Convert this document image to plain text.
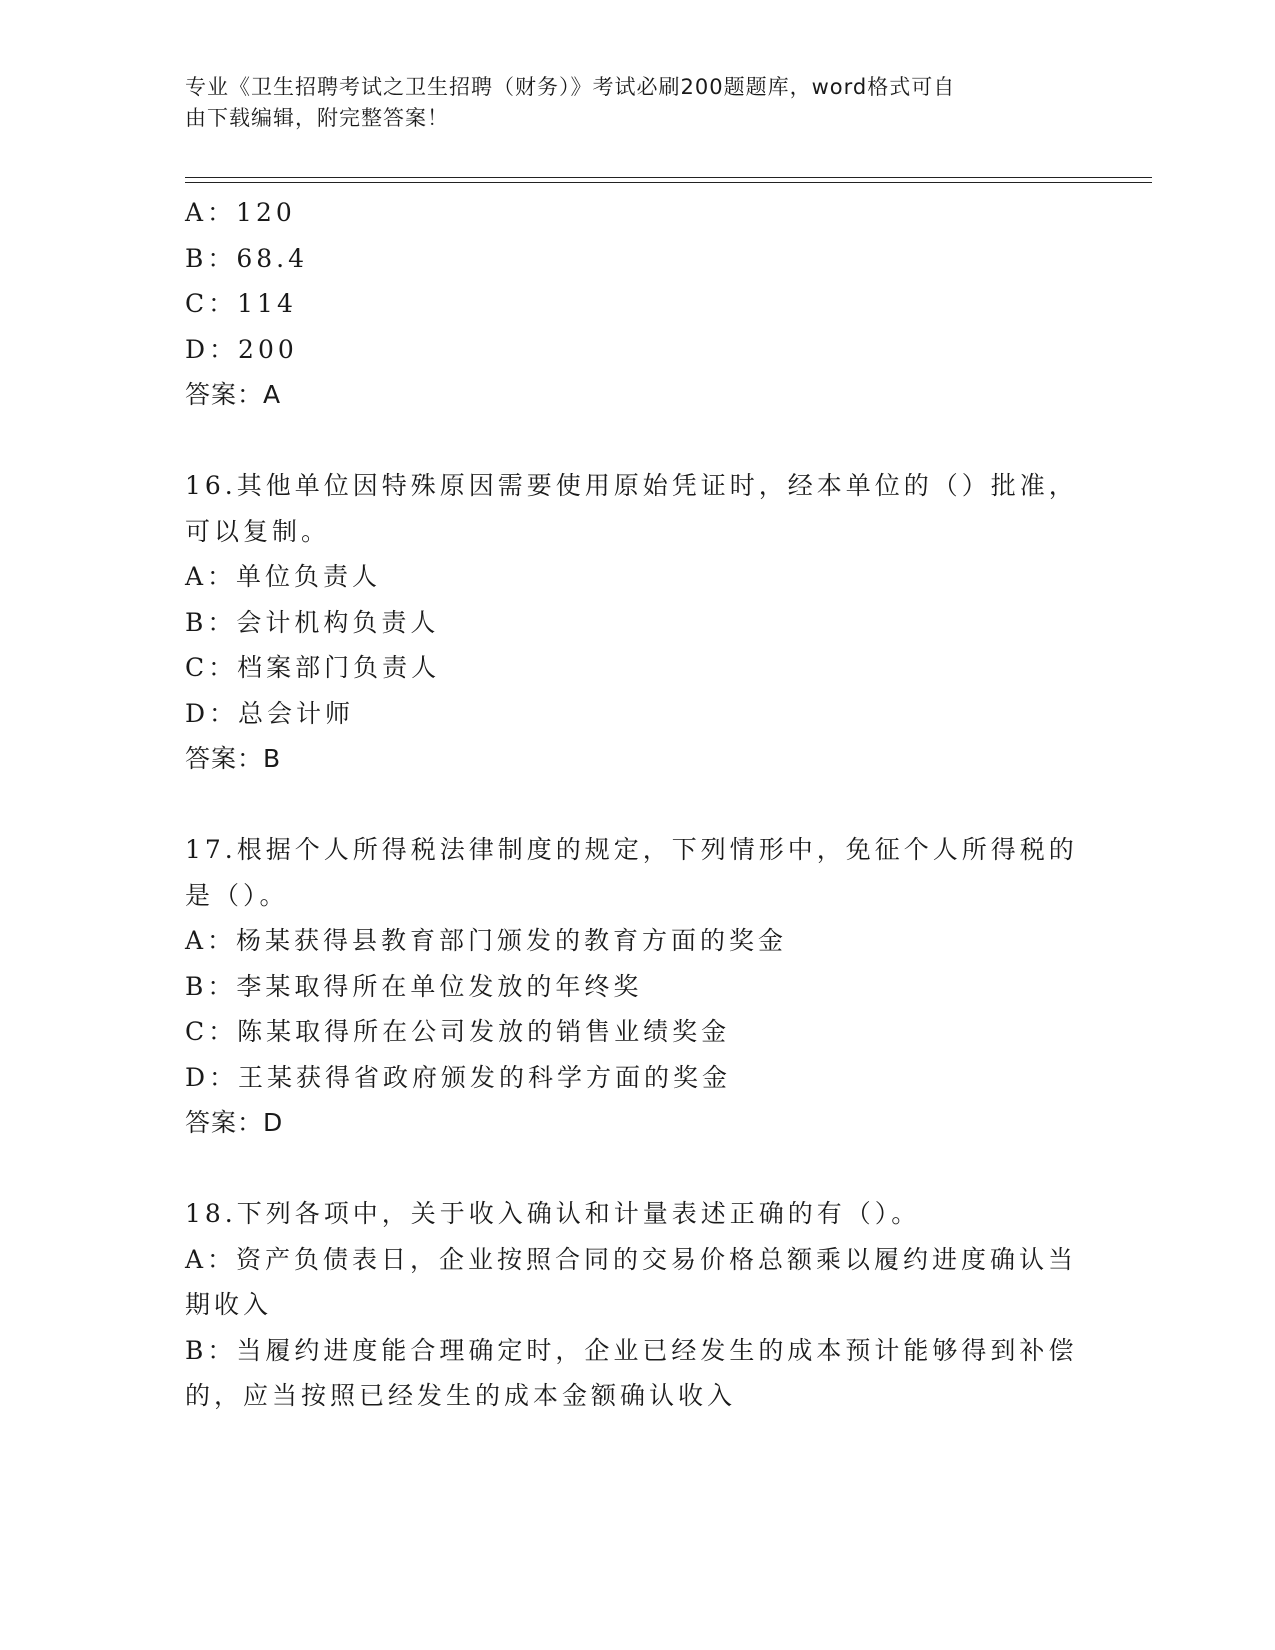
专业《卫生招聘考试之卫生招聘（财务）》考试必刷200题题库，word格式可自
由下载编辑，附完整答案！
A：120
B：68.4
C：114
D：200
答案：A
16.其他单位因特殊原因需要使用原始凭证时，经本单位的（）批准，
可以复制。
A：单位负责人
B：会计机构负责人
C：档案部门负责人
D：总会计师
答案：B
17.根据个人所得税法律制度的规定，下列情形中，免征个人所得税的
是（）。
A：杨某获得县教育部门颁发的教育方面的奖金
B：李某取得所在单位发放的年终奖
C：陈某取得所在公司发放的销售业绩奖金
D：王某获得省政府颁发的科学方面的奖金
答案：D
18.下列各项中，关于收入确认和计量表述正确的有（）。
A：资产负债表日，企业按照合同的交易价格总额乘以履约进度确认当
期收入
B：当履约进度能合理确定时，企业已经发生的成本预计能够得到补偿
的，应当按照已经发生的成本金额确认收入
